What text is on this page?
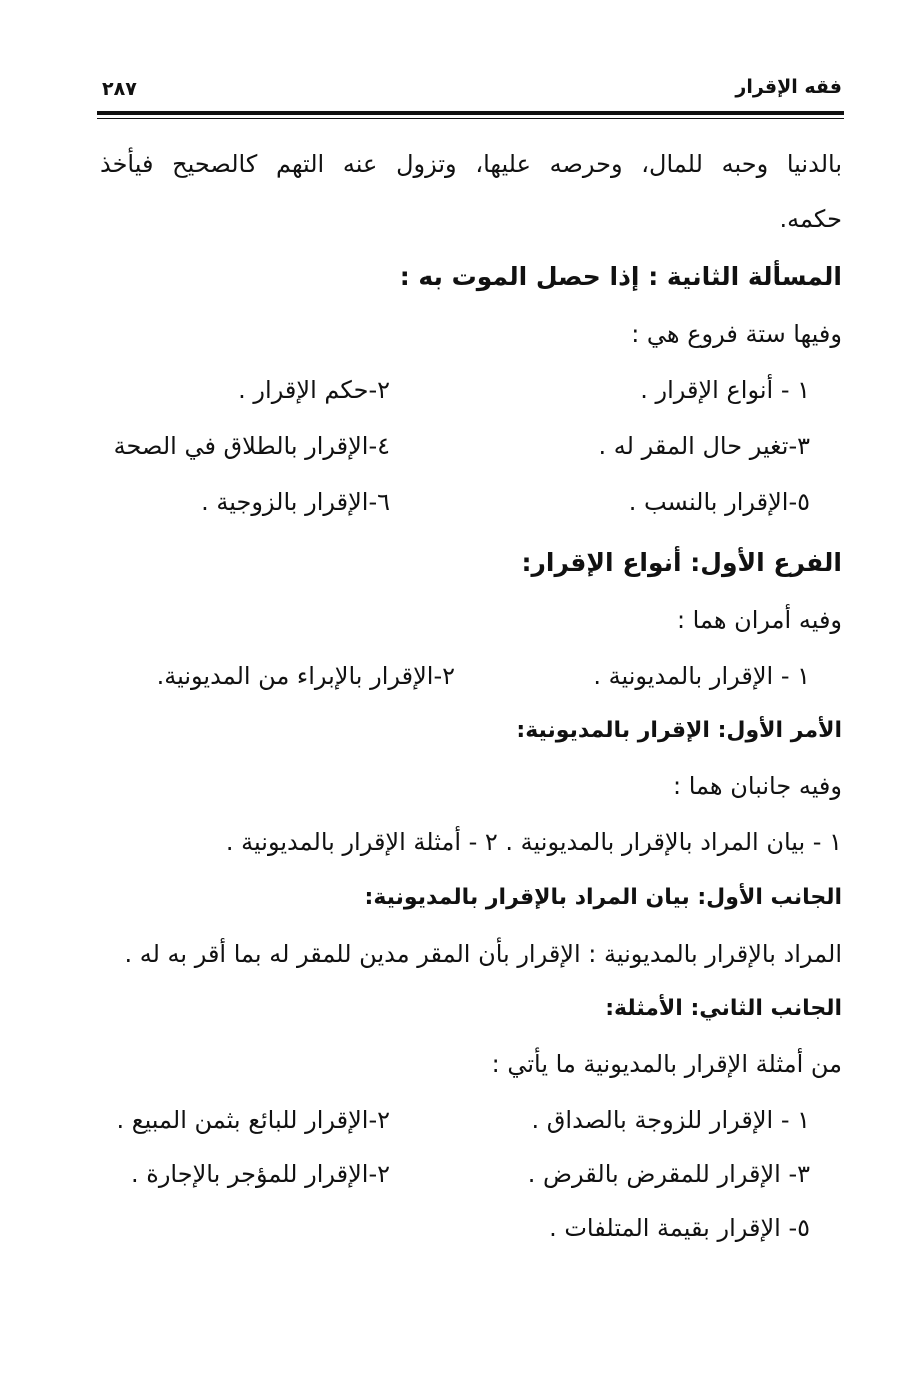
فقه الإقرار
٢٨٧
بالدنيا وحبه للمال، وحرصه عليها، وتزول عنه التهم كالصحيح فيأخذ
حكمه.
المسألة الثانية : إذا حصل الموت به :
وفيها ستة فروع هي :
١ - أنواع الإقرار .
٢-حكم الإقرار .
٣-تغير حال المقر له .
٤-الإقرار بالطلاق في الصحة
٥-الإقرار بالنسب .
٦-الإقرار بالزوجية .
الفرع الأول: أنواع الإقرار:
وفيه أمران هما :
١ - الإقرار بالمديونية .
٢-الإقرار بالإبراء من المديونية.
الأمر الأول: الإقرار بالمديونية:
وفيه جانبان هما :
١ - بيان المراد بالإقرار بالمديونية . ٢ - أمثلة الإقرار بالمديونية .
الجانب الأول: بيان المراد بالإقرار بالمديونية:
المراد بالإقرار بالمديونية : الإقرار بأن المقر مدين للمقر له بما أقر به له .
الجانب الثاني: الأمثلة:
من أمثلة الإقرار بالمديونية ما يأتي :
١ - الإقرار للزوجة بالصداق .
٢-الإقرار للبائع بثمن المبيع .
٣- الإقرار للمقرض بالقرض .
٢-الإقرار للمؤجر بالإجارة .
٥- الإقرار بقيمة المتلفات .
